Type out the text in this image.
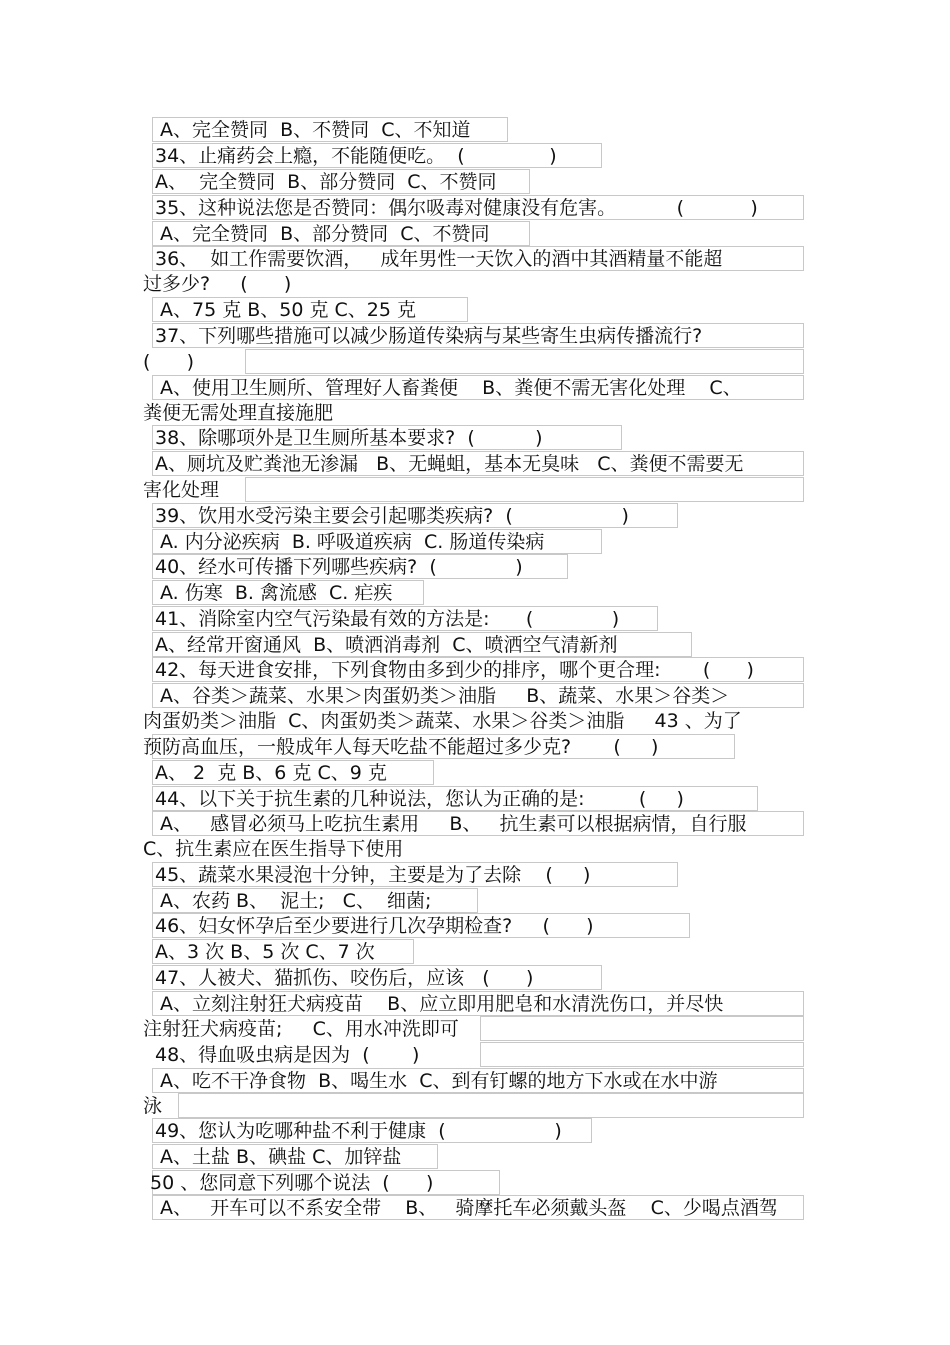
A、完全赞同  B、不赞同  C、不知道
34、止痛药会上瘾，不能随便吃。  (              )
A、  完全赞同  B、部分赞同  C、不赞同
35、这种说法您是否赞同：偶尔吸毒对健康没有危害。          (           )
A、完全赞同  B、部分赞同  C、不赞同
36、  如工作需要饮酒，   成年男性一天饮入的酒中其酒精量不能超
过多少?     (      )
A、75 克 B、50 克 C、25 克
37、下列哪些措施可以减少肠道传染病与某些寄生虫病传播流行?
(      )
A、使用卫生厕所、管理好人畜粪便    B、粪便不需无害化处理    C、
粪便无需处理直接施肥
38、除哪项外是卫生厕所基本要求?  (          )
A、厕坑及贮粪池无渗漏   B、无蝇蛆，基本无臭味   C、粪便不需要无
害化处理
39、饮用水受污染主要会引起哪类疾病?  (                  )
A. 内分泌疾病  B. 呼吸道疾病  C. 肠道传染病
40、经水可传播下列哪些疾病?  (             )
A. 伤寒  B. 禽流感  C. 疟疾
41、消除室内空气污染最有效的方法是:      (             )
A、经常开窗通风  B、喷洒消毒剂  C、喷洒空气清新剂
42、每天进食安排，下列食物由多到少的排序，哪个更合理:       (      )
A、谷类＞蔬菜、水果＞肉蛋奶类＞油脂     B、蔬菜、水果＞谷类＞
肉蛋奶类＞油脂  C、肉蛋奶类＞蔬菜、水果＞谷类＞油脂     43 、为了
预防高血压，一般成年人每天吃盐不能超过多少克?       (     )
A、 2  克 B、6 克 C、9 克
44、以下关于抗生素的几种说法，您认为正确的是:         (     )
A、   感冒必须马上吃抗生素用     B、   抗生素可以根据病情，自行服
C、抗生素应在医生指导下使用
45、蔬菜水果浸泡十分钟，主要是为了去除    (     )
A、农药 B、  泥土;   C、  细菌;
46、妇女怀孕后至少要进行几次孕期检查?     (      )
A、3 次 B、5 次 C、7 次
47、人被犬、猫抓伤、咬伤后，应该   (      )
A、立刻注射狂犬病疫苗    B、应立即用肥皂和水清洗伤口，并尽快
注射狂犬病疫苗;     C、用水冲洗即可
48、得血吸虫病是因为  (       )
A、吃不干净食物  B、喝生水  C、到有钉螺的地方下水或在水中游
泳
49、您认为吃哪种盐不利于健康  (                  )
A、土盐 B、碘盐 C、加锌盐
50 、您同意下列哪个说法  (      )
A、   开车可以不系安全带    B、   骑摩托车必须戴头盔    C、少喝点酒驾
